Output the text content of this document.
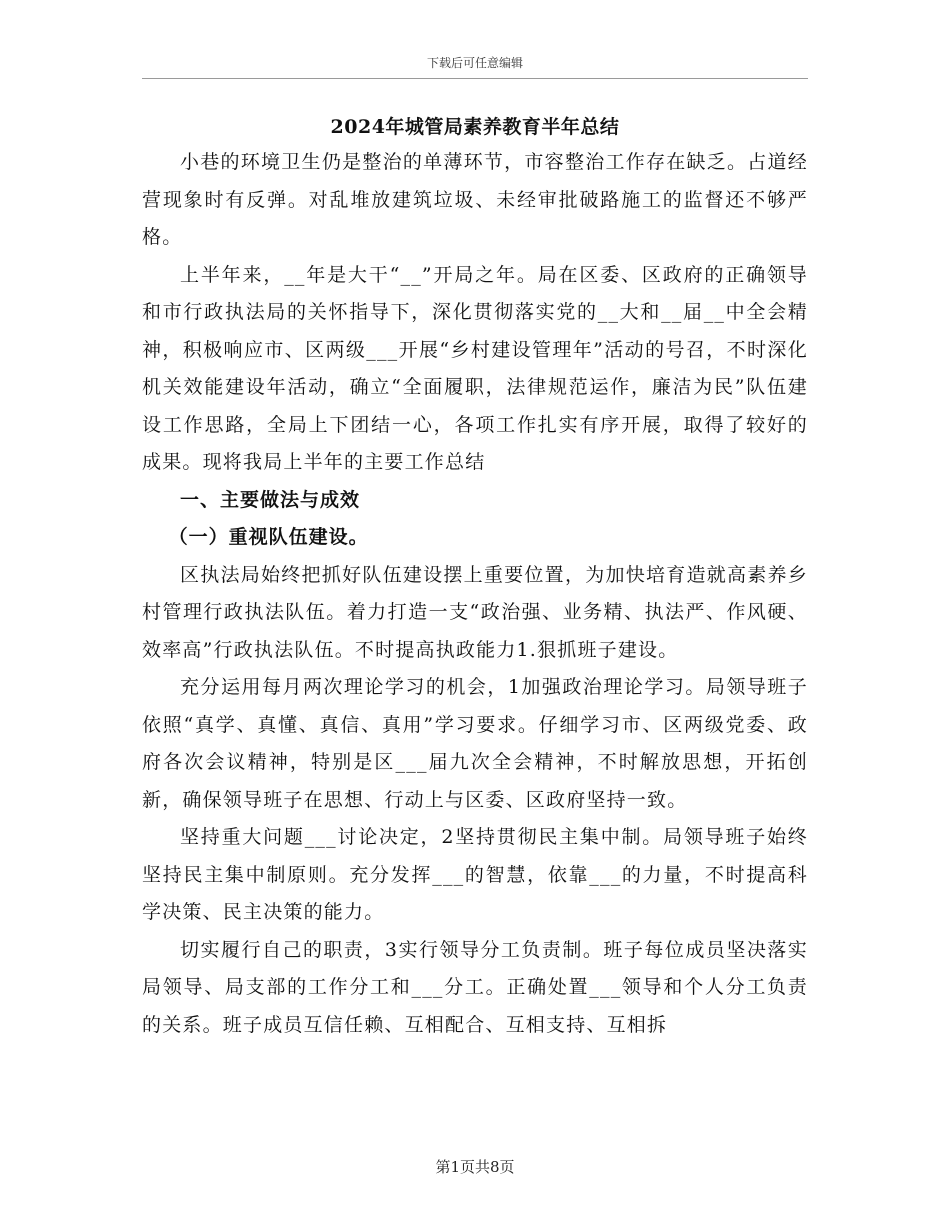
下载后可任意编辑
2024年城管局素养教育半年总结

小巷的环境卫生仍是整治的单薄环节，市容整治工作存在缺乏。占道经营现象时有反弹。对乱堆放建筑垃圾、未经审批破路施工的监督还不够严格。

上半年来，__年是大干“__”开局之年。局在区委、区政府的正确领导和市行政执法局的关怀指导下，深化贯彻落实党的__大和__届__中全会精神，积极响应市、区两级___开展“乡村建设管理年”活动的号召，不时深化机关效能建设年活动，确立“全面履职，法律规范运作，廉洁为民”队伍建设工作思路，全局上下团结一心，各项工作扎实有序开展，取得了较好的成果。现将我局上半年的主要工作总结

一、主要做法与成效

（一）重视队伍建设。

区执法局始终把抓好队伍建设摆上重要位置，为加快培育造就高素养乡村管理行政执法队伍。着力打造一支“政治强、业务精、执法严、作风硬、效率高”行政执法队伍。不时提高执政能力1.狠抓班子建设。

充分运用每月两次理论学习的机会，1加强政治理论学习。局领导班子依照“真学、真懂、真信、真用”学习要求。仔细学习市、区两级党委、政府各次会议精神，特别是区___届九次全会精神，不时解放思想，开拓创新，确保领导班子在思想、行动上与区委、区政府坚持一致。

坚持重大问题___讨论决定，2坚持贯彻民主集中制。局领导班子始终坚持民主集中制原则。充分发挥___的智慧，依靠___的力量，不时提高科学决策、民主决策的能力。

切实履行自己的职责，3实行领导分工负责制。班子每位成员坚决落实局领导、局支部的工作分工和___分工。正确处置___领导和个人分工负责的关系。班子成员互信任赖、互相配合、互相支持、互相拆

第1页共8页
